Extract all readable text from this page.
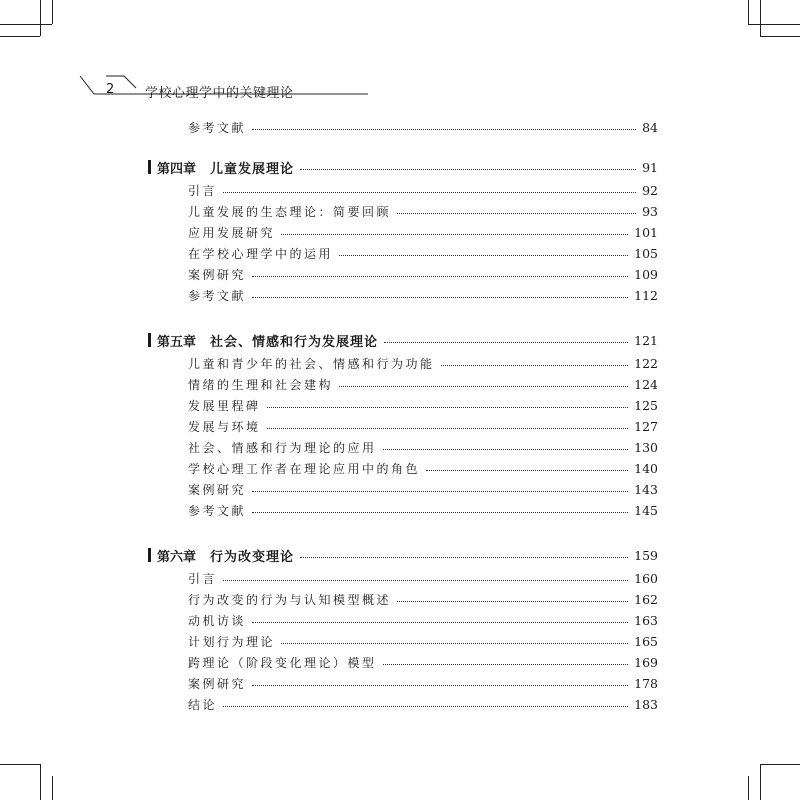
2 学校心理学中的关键理论
参考文献	84
第四章 儿童发展理论	91
引言	92
儿童发展的生态理论：简要回顾	93
应用发展研究	101
在学校心理学中的运用	105
案例研究	109
参考文献	112
第五章 社会、情感和行为发展理论	121
儿童和青少年的社会、情感和行为功能	122
情绪的生理和社会建构	124
发展里程碑	125
发展与环境	127
社会、情感和行为理论的应用	130
学校心理工作者在理论应用中的角色	140
案例研究	143
参考文献	145
第六章 行为改变理论	159
引言	160
行为改变的行为与认知模型概述	162
动机访谈	163
计划行为理论	165
跨理论（阶段变化理论）模型	169
案例研究	178
结论	183
